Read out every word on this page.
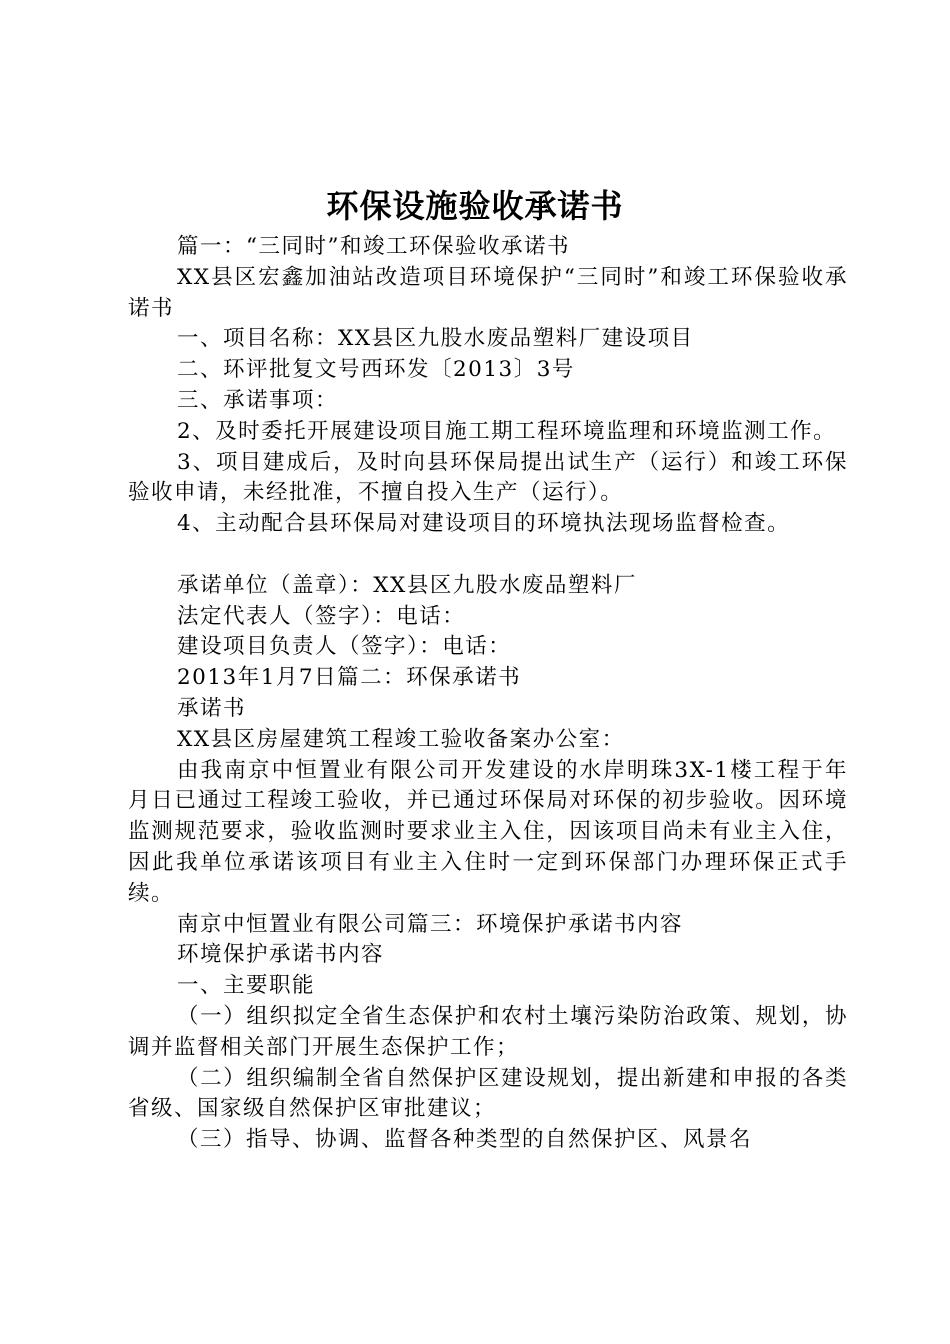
环保设施验收承诺书

篇一：“三同时”和竣工环保验收承诺书

XX县区宏鑫加油站改造项目环境保护“三同时”和竣工环保验收承诺书

一、项目名称：XX县区九股水废品塑料厂建设项目

二、环评批复文号西环发〔2013〕3号

三、承诺事项：

2、及时委托开展建设项目施工期工程环境监理和环境监测工作。

3、项目建成后，及时向县环保局提出试生产（运行）和竣工环保验收申请，未经批准，不擅自投入生产（运行）。

4、主动配合县环保局对建设项目的环境执法现场监督检查。

承诺单位（盖章）：XX县区九股水废品塑料厂

法定代表人（签字）：电话：

建设项目负责人（签字）：电话：

2013年1月7日篇二：环保承诺书

承诺书

XX县区房屋建筑工程竣工验收备案办公室：

由我南京中恒置业有限公司开发建设的水岸明珠3X-1楼工程于年月日已通过工程竣工验收，并已通过环保局对环保的初步验收。因环境监测规范要求，验收监测时要求业主入住，因该项目尚未有业主入住，因此我单位承诺该项目有业主入住时一定到环保部门办理环保正式手续。

南京中恒置业有限公司篇三：环境保护承诺书内容

环境保护承诺书内容

一、主要职能

（一）组织拟定全省生态保护和农村土壤污染防治政策、规划，协调并监督相关部门开展生态保护工作；

（二）组织编制全省自然保护区建设规划，提出新建和申报的各类省级、国家级自然保护区审批建议；

（三）指导、协调、监督各种类型的自然保护区、风景名
